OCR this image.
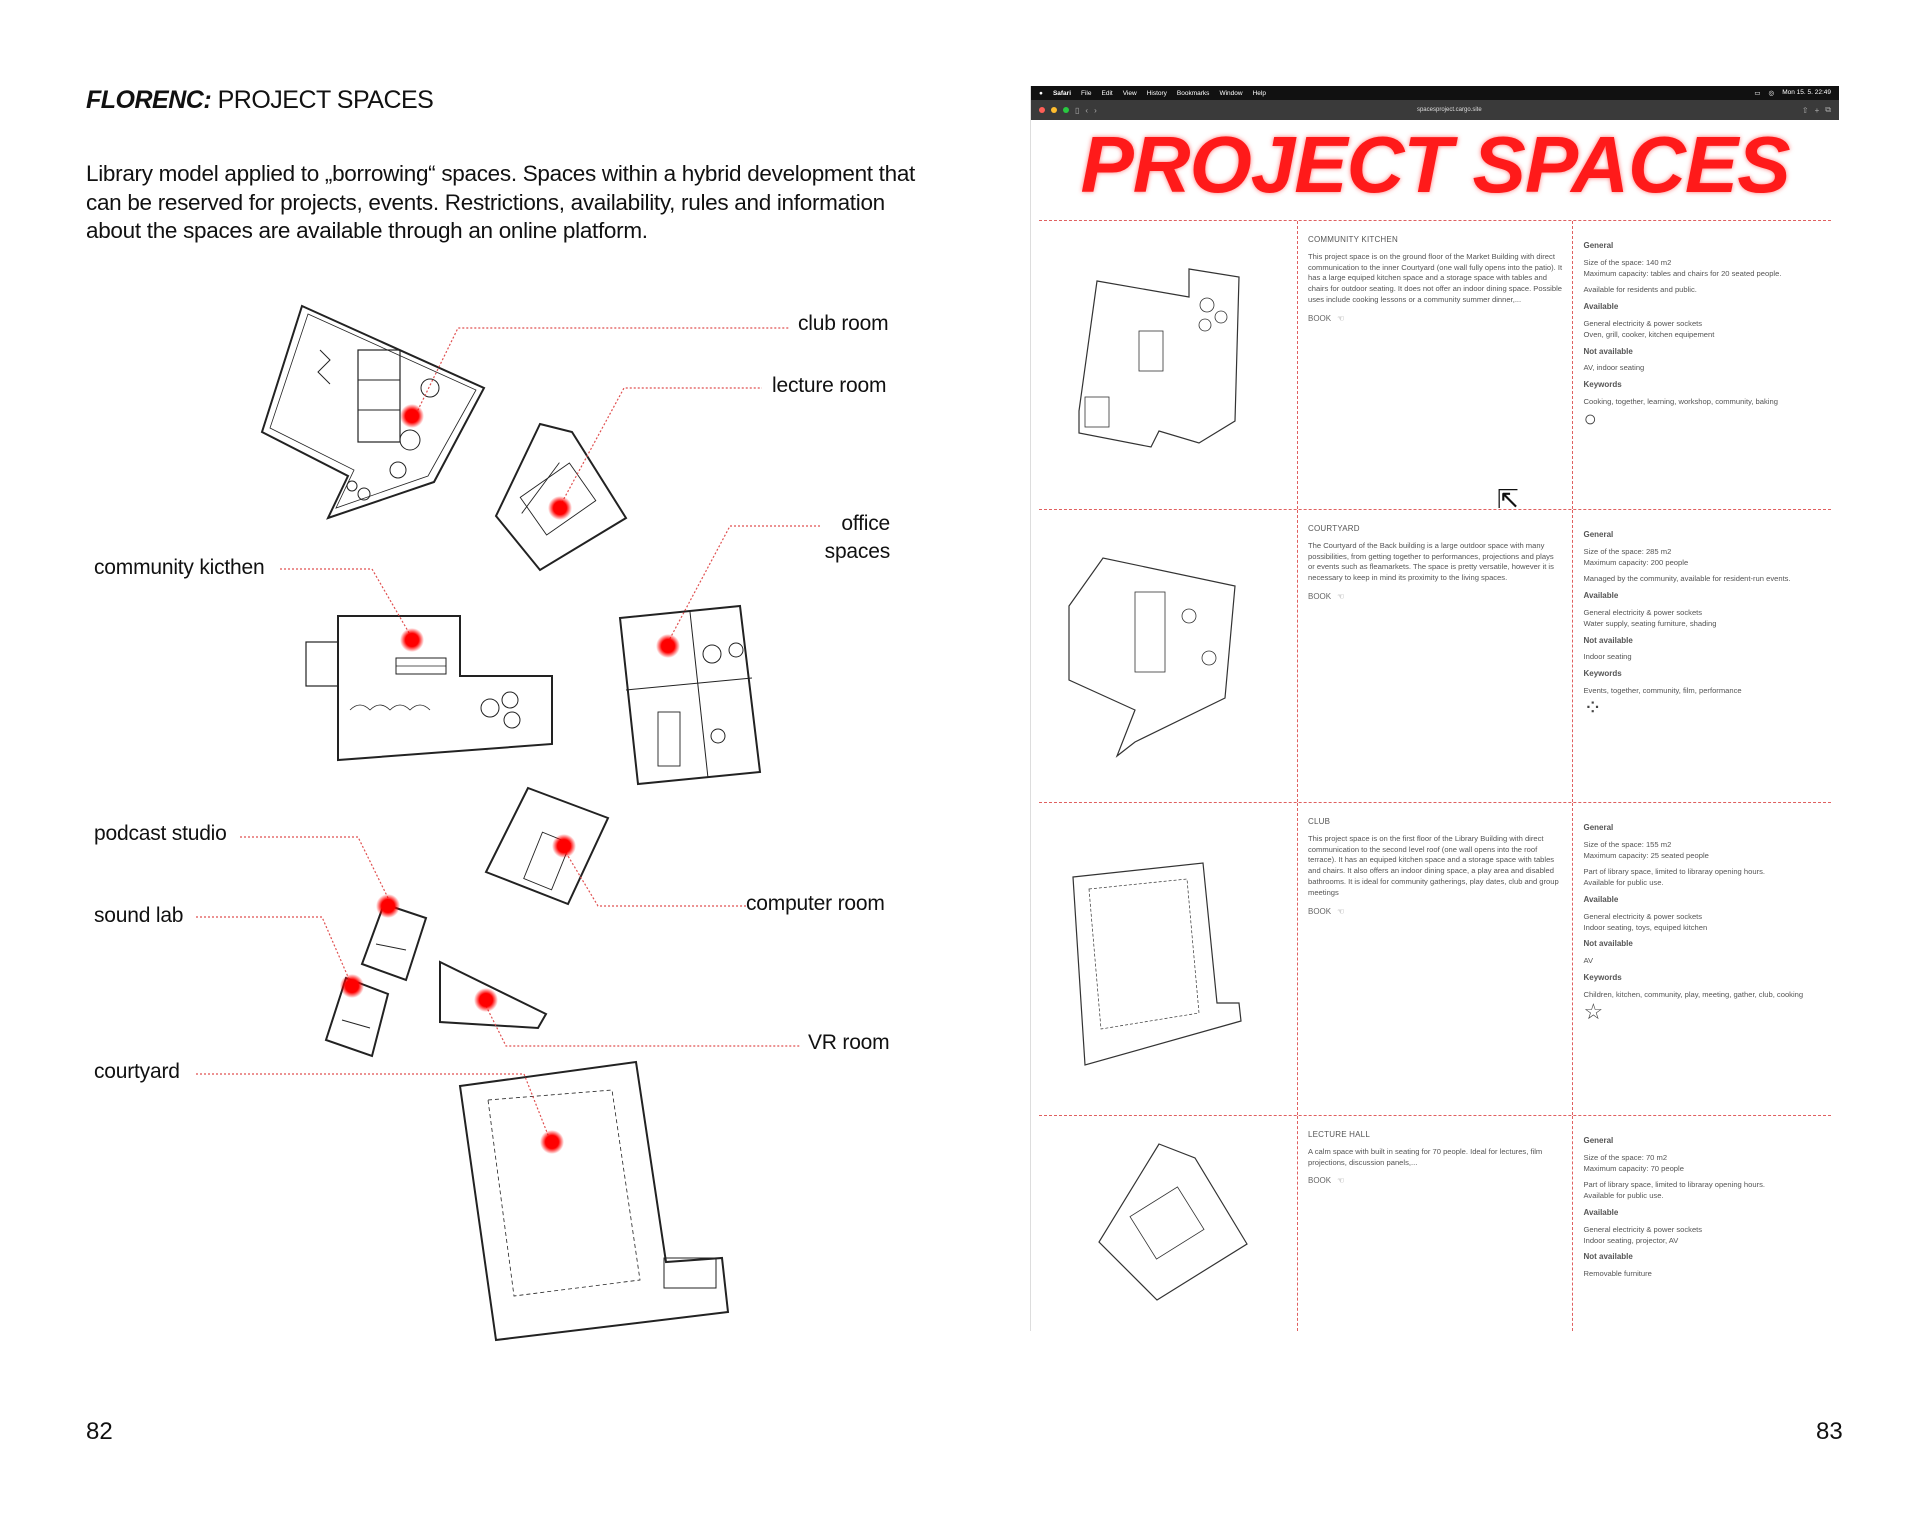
FLORENC: PROJECT SPACES
Library model applied to „borrowing“ spaces. Spaces within a hybrid development that can be reserved for projects, events. Restrictions, availability, rules and information about the spaces are available through an online platform.
club room
lecture room
office
spaces
community kicthen
podcast studio
sound lab
computer room
VR room
courtyard
82
● Safari File Edit View History Bookmarks Window Help	▭ ◎ Mon 15. 5. 22:49
▯ ‹ ›	spacesproject.cargo.site	⇧ + ⧉
PROJECT SPACES
COMMUNITY KITCHEN
This project space is on the ground floor of the Market Building with direct communication to the inner Courtyard (one wall fully opens into the patio). It has a large equiped kitchen space and a storage space with tables and chairs for outdoor seating. It does not offer an indoor dining space. Possible uses include cooking lessons or a community summer dinner,...
BOOK ☜
General
Size of the space: 140 m2
Maximum capacity: tables and chairs for 20 seated people.
Available for residents and public.
Available
General electricity & power sockets
Oven, grill, cooker, kitchen equipement
Not available
AV, indoor seating
Keywords
Cooking, together, learning, workshop, community, baking
○
COURTYARD
The Courtyard of the Back building is a large outdoor space with many possibilities, from getting together to performances, projections and plays or events such as fleamarkets. The space is pretty versatile, however it is necessary to keep in mind its proximity to the living spaces.
BOOK ☜
General
Size of the space: 285 m2
Maximum capacity: 200 people
Managed by the community, available for resident-run events.
Available
General electricity & power sockets
Water supply, seating furniture, shading
Not available
Indoor seating
Keywords
Events, together, community, film, performance
⁘
CLUB
This project space is on the first floor of the Library Building with direct communication to the second level roof (one wall opens into the roof terrace). It has an equiped kitchen space and a storage space with tables and chairs. It also offers an indoor dining space, a play area and disabled bathrooms. It is ideal for community gatherings, play dates, club and group meetings
BOOK ☜
General
Size of the space: 155 m2
Maximum capacity: 25 seated people
Part of library space, limited to libraray opening hours.
Available for public use.
Available
General electricity & power sockets
Indoor seating, toys, equiped kitchen
Not available
AV
Keywords
Children, kitchen, community, play, meeting, gather, club, cooking
☆
LECTURE HALL
A calm space with built in seating for 70 people. Ideal for lectures, film projections, discussion panels,...
BOOK ☜
General
Size of the space: 70 m2
Maximum capacity: 70 people
Part of library space, limited to libraray opening hours.
Available for public use.
Available
General electricity & power sockets
Indoor seating, projector, AV
Not available
Removable furniture
⇱
83
